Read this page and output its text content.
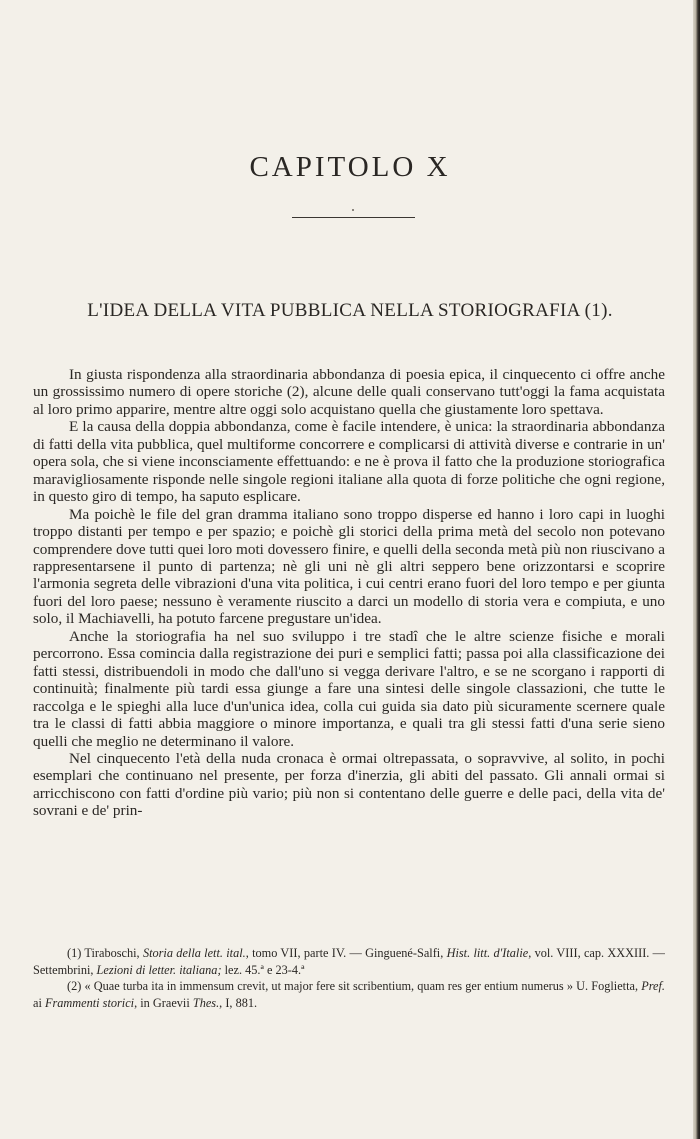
CAPITOLO X
L'IDEA DELLA VITA PUBBLICA NELLA STORIOGRAFIA (1).
In giusta rispondenza alla straordinaria abbondanza di poesia epica, il cinquecento ci offre anche un grossissimo numero di opere storiche (2), alcune delle quali conservano tutt'oggi la fama acquistata al loro primo apparire, mentre altre oggi solo acquistano quella che giustamente loro spettava.
E la causa della doppia abbondanza, come è facile intendere, è unica: la straordinaria abbondanza di fatti della vita pubblica, quel multiforme concorrere e complicarsi di attività diverse e contrarie in un' opera sola, che si viene inconsciamente effettuando: e ne è prova il fatto che la produzione storiografica maravigliosamente risponde nelle singole regioni italiane alla quota di forze politiche che ogni regione, in questo giro di tempo, ha saputo esplicare.
Ma poichè le file del gran dramma italiano sono troppo disperse ed hanno i loro capi in luoghi troppo distanti per tempo e per spazio; e poichè gli storici della prima metà del secolo non potevano comprendere dove tutti quei loro moti dovessero finire, e quelli della seconda metà più non riuscivano a rappresentarsene il punto di partenza; nè gli uni nè gli altri seppero bene orizzontarsi e scoprire l'armonia segreta delle vibrazioni d'una vita politica, i cui centri erano fuori del loro tempo e per giunta fuori del loro paese; nessuno è veramente riuscito a darci un modello di storia vera e compiuta, e uno solo, il Machiavelli, ha potuto farcene pregustare un'idea.
Anche la storiografia ha nel suo sviluppo i tre stadî che le altre scienze fisiche e morali percorrono. Essa comincia dalla registrazione dei puri e semplici fatti; passa poi alla classificazione dei fatti stessi, distribuendoli in modo che dall'uno si vegga derivare l'altro, e se ne scorgano i rapporti di continuità; finalmente più tardi essa giunge a fare una sintesi delle singole classazioni, che tutte le raccolga e le spieghi alla luce d'un'unica idea, colla cui guida sia dato più sicuramente scernere quale tra le classi di fatti abbia maggiore o minore importanza, e quali tra gli stessi fatti d'una serie sieno quelli che meglio ne determinano il valore.
Nel cinquecento l'età della nuda cronaca è ormai oltrepassata, o sopravvive, al solito, in pochi esemplari che continuano nel presente, per forza d'inerzia, gli abiti del passato. Gli annali ormai si arricchiscono con fatti d'ordine più vario; più non si contentano delle guerre e delle paci, della vita de' sovrani e de' prin-
(1) Tiraboschi, Storia della lett. ital., tomo VII, parte IV. — Ginguené-Salfi, Hist. litt. d'Italie, vol. VIII, cap. XXXIII. — Settembrini, Lezioni di letter. italiana; lez. 45.ª e 23-4.ª
(2) « Quae turba ita in immensum crevit, ut major fere sit scribentium, quam res ger entium numerus » U. Foglietta, Pref. ai Frammenti storici, in Graevii Thes., I, 881.
